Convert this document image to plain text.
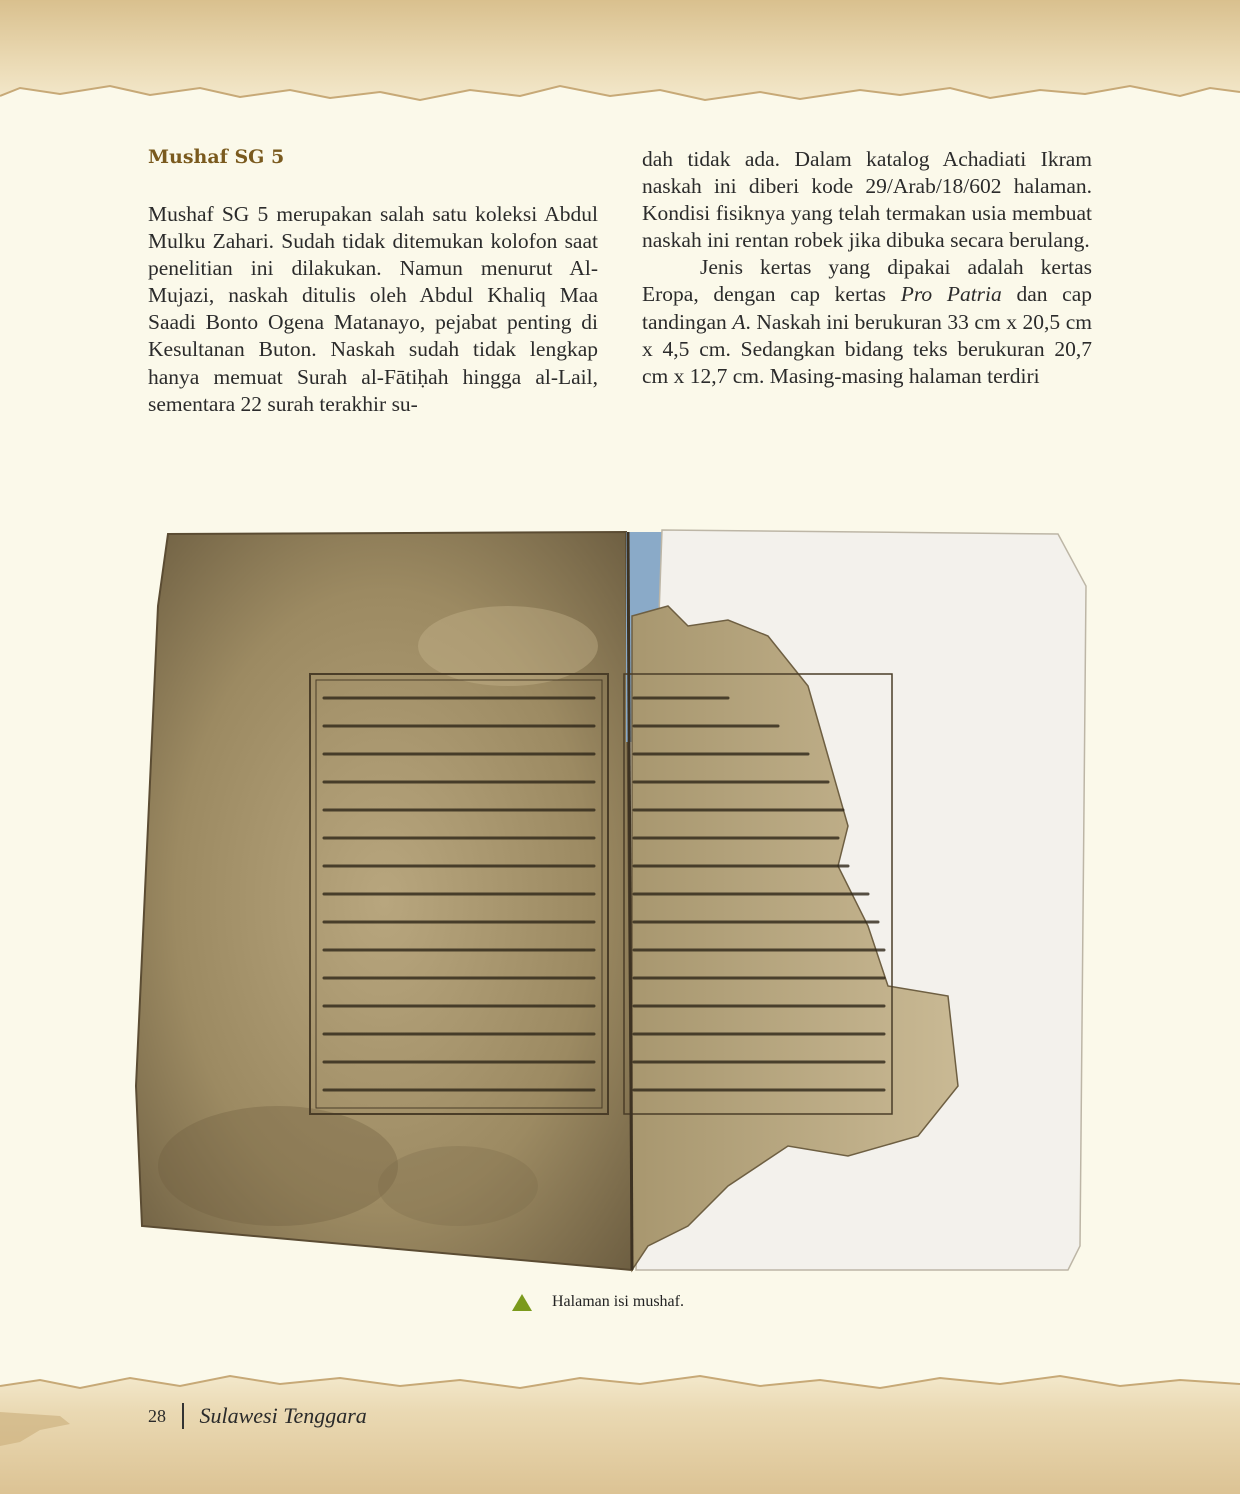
Mushaf SG 5

Mushaf SG 5 merupakan salah satu koleksi Abdul Mulku Zahari. Sudah tidak ditemukan kolofon saat penelitian ini dilakukan. Namun menurut Al-Mujazi, naskah ditulis oleh Abdul Khaliq Maa Saadi Bonto Ogena Matanayo, pejabat penting di Kesultanan Buton. Naskah sudah tidak lengkap hanya memuat Surah al-Fātiḥah hingga al-Lail, sementara 22 surah terakhir su-

dah tidak ada. Dalam katalog Achadiati Ikram naskah ini diberi kode 29/Arab/18/602 halaman. Kondisi fisiknya yang telah termakan usia membuat naskah ini rentan robek jika dibuka secara berulang.

Jenis kertas yang dipakai adalah kertas Eropa, dengan cap kertas Pro Patria dan cap tandingan A. Naskah ini berukuran 33 cm x 20,5 cm x 4,5 cm. Sedangkan bidang teks berukuran 20,7 cm x 12,7 cm. Masing-masing halaman terdiri

Halaman isi mushaf.
28 Sulawesi Tenggara
